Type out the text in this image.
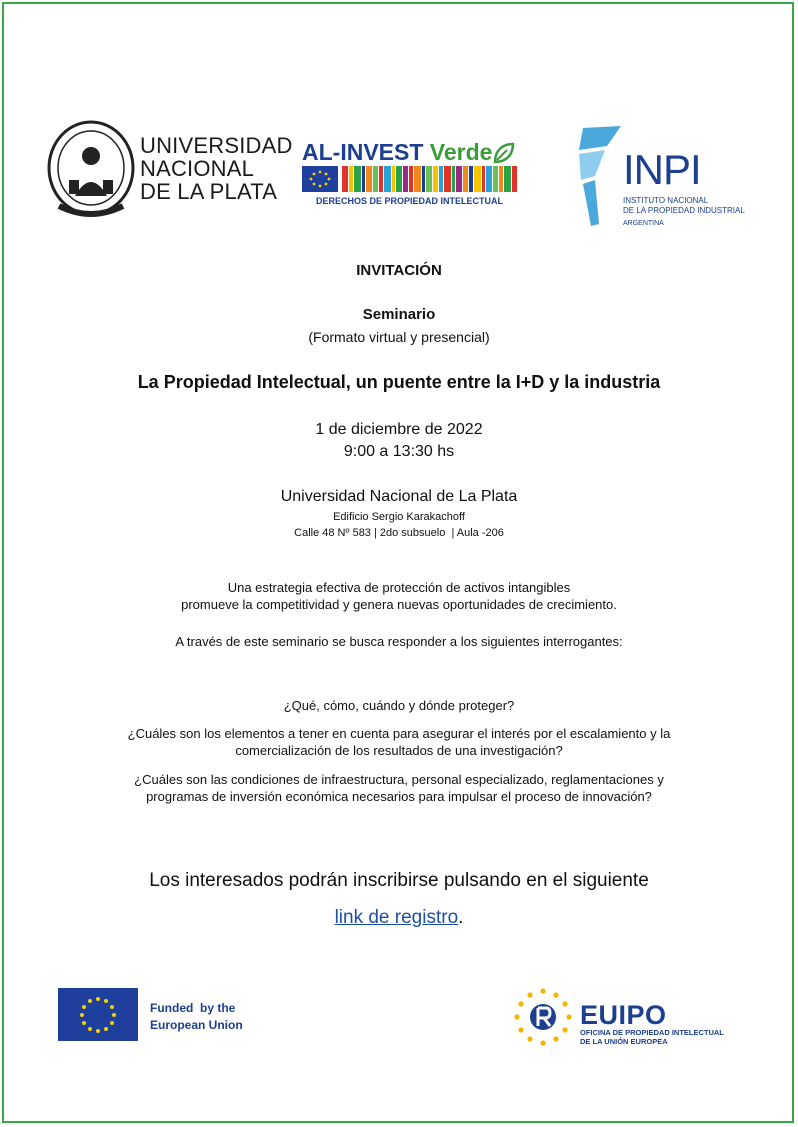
UNIVERSIDAD
NACIONAL
DE LA PLATA
AL-INVEST Verde
DERECHOS DE PROPIEDAD INTELECTUAL
INPI
INSTITUTO NACIONAL
DE LA PROPIEDAD INDUSTRIAL
ARGENTINA
INVITACIÓN
Seminario
(Formato virtual y presencial)
La Propiedad Intelectual, un puente entre la I+D y la industria
1 de diciembre de 2022
9:00 a 13:30 hs
Universidad Nacional de La Plata
Edificio Sergio Karakachoff
Calle 48 Nº 583 | 2do subsuelo  | Aula -206
Una estrategia efectiva de protección de activos intangibles
promueve la competitividad y genera nuevas oportunidades de crecimiento.
A través de este seminario se busca responder a los siguientes interrogantes:
¿Qué, cómo, cuándo y dónde proteger?
¿Cuáles son los elementos a tener en cuenta para asegurar el interés por el escalamiento y la
comercialización de los resultados de una investigación?
¿Cuáles son las condiciones de infraestructura, personal especializado, reglamentaciones y
programas de inversión económica necesarios para impulsar el proceso de innovación?
Los interesados podrán inscribirse pulsando en el siguiente
link de registro.
Funded  by the
European Union	EUIPO
OFICINA DE PROPIEDAD INTELECTUAL
DE LA UNIÓN EUROPEA
